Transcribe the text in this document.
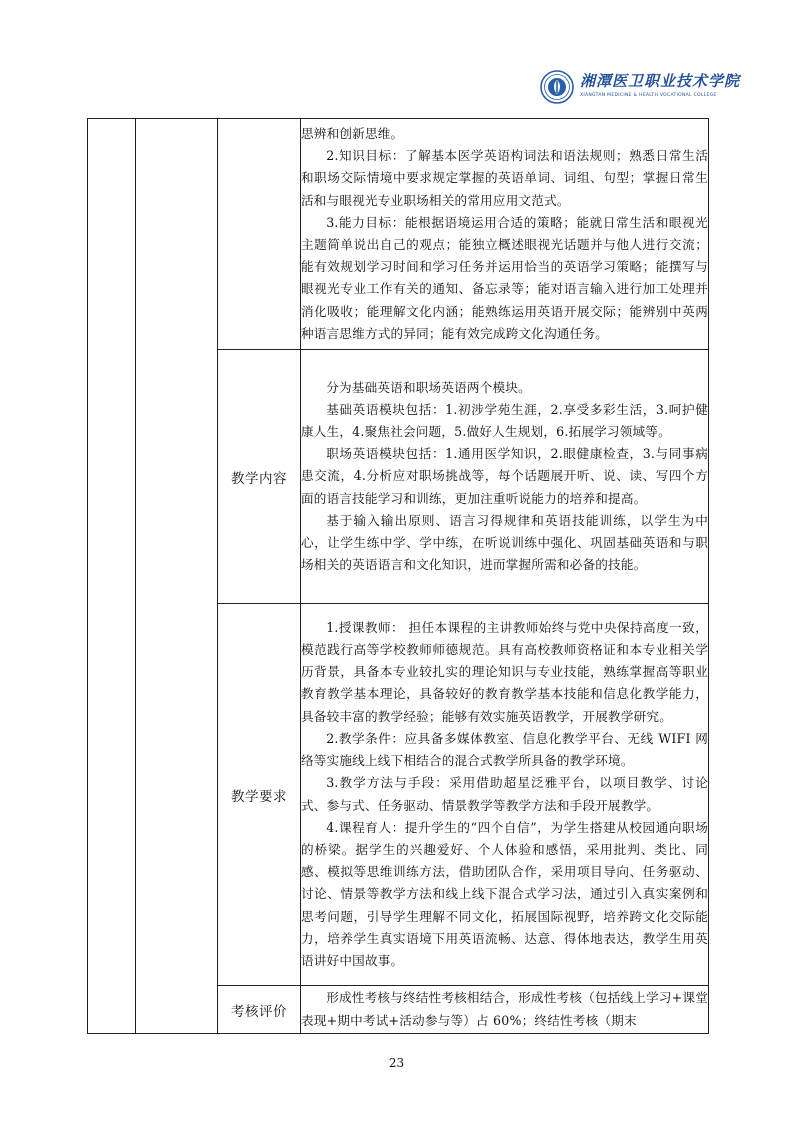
湘潭医卫职业技术学院
XIANGTAN MEDICINE & HEALTH VOCATIONAL COLLEGE

			思辨和创新思维。

2.知识目标：了解基本医学英语构词法和语法规则；熟悉日常生活和职场交际情境中要求规定掌握的英语单词、词组、句型；掌握日常生活和与眼视光专业职场相关的常用应用文范式。

3.能力目标：能根据语境运用合适的策略；能就日常生活和眼视光主题简单说出自己的观点；能独立概述眼视光话题并与他人进行交流；能有效规划学习时间和学习任务并运用恰当的英语学习策略；能撰写与眼视光专业工作有关的通知、备忘录等；能对语言输入进行加工处理并消化吸收；能理解文化内涵；能熟练运用英语开展交际；能辨别中英两种语言思维方式的异同；能有效完成跨文化沟通任务。

		教学内容	分为基础英语和职场英语两个模块。

基础英语模块包括：1.初涉学苑生涯，2.享受多彩生活，3.呵护健康人生，4.聚焦社会问题，5.做好人生规划，6.拓展学习领域等。

职场英语模块包括：1.通用医学知识，2.眼健康检查，3.与同事病患交流，4.分析应对职场挑战等，每个话题展开听、说、读、写四个方面的语言技能学习和训练，更加注重听说能力的培养和提高。

基于输入输出原则、语言习得规律和英语技能训练，以学生为中心，让学生练中学、学中练，在听说训练中强化、巩固基础英语和与职场相关的英语语言和文化知识，进而掌握所需和必备的技能。

		教学要求	1.授课教师： 担任本课程的主讲教师始终与党中央保持高度一致，模范践行高等学校教师师德规范。具有高校教师资格证和本专业相关学历背景，具备本专业较扎实的理论知识与专业技能，熟练掌握高等职业教育教学基本理论，具备较好的教育教学基本技能和信息化教学能力，具备较丰富的教学经验；能够有效实施英语教学，开展教学研究。

2.教学条件：应具备多媒体教室、信息化教学平台、无线 WIFI 网络等实施线上线下相结合的混合式教学所具备的教学环境。

3.教学方法与手段：采用借助超星泛雅平台，以项目教学、讨论式、参与式、任务驱动、情景教学等教学方法和手段开展教学。

4.课程育人：提升学生的“四个自信”，为学生搭建从校园通向职场的桥梁。据学生的兴趣爱好、个人体验和感悟，采用批判、类比、同感、模拟等思维训练方法，借助团队合作，采用项目导向、任务驱动、讨论、情景等教学方法和线上线下混合式学习法，通过引入真实案例和思考问题，引导学生理解不同文化，拓展国际视野，培养跨文化交际能力，培养学生真实语境下用英语流畅、达意、得体地表达，教学生用英语讲好中国故事。

		考核评价	形成性考核与终结性考核相结合，形成性考核（包括线上学习+课堂表现+期中考试+活动参与等）占 60%；终结性考核（期末

23
